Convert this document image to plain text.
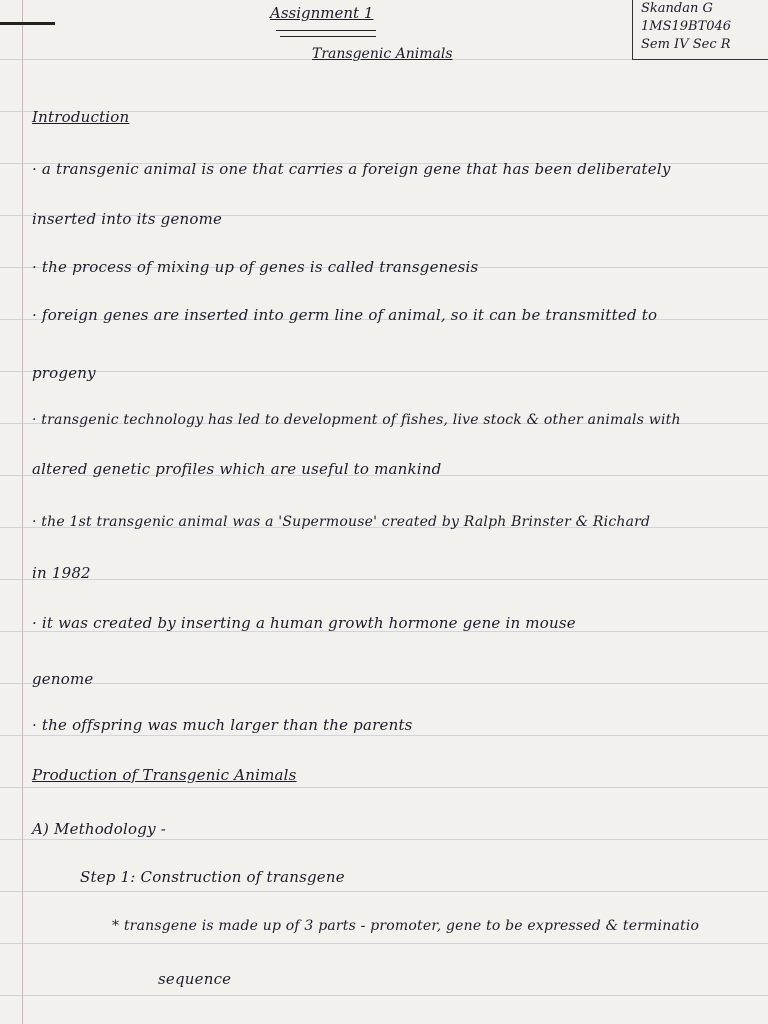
Assignment 1
Transgenic Animals
Skandan G
1MS19BT046
Sem IV Sec R
Introduction
· a transgenic animal is one that carries a foreign gene that has been deliberately
inserted into its genome
· the process of mixing up of genes is called transgenesis
· foreign genes are inserted into germ line of animal, so it can be transmitted to
progeny
· transgenic technology has led to development of fishes, live stock & other animals with
altered genetic profiles which are useful to mankind
· the 1st transgenic animal was a 'Supermouse' created by Ralph Brinster & Richard
in 1982
· it was created by inserting a human growth hormone gene in mouse
genome
· the offspring was much larger than the parents
Production of Transgenic Animals
A) Methodology -
Step 1: Construction of transgene
* transgene is made up of 3 parts - promoter, gene to be expressed & terminatio
sequence
